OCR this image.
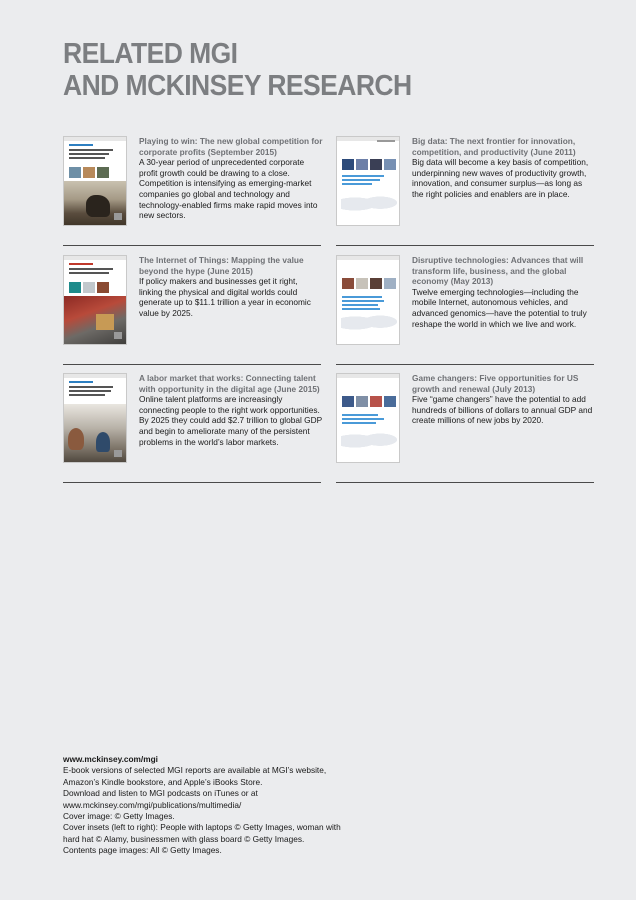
RELATED MGI
AND MCKINSEY RESEARCH

Playing to win: The new global competition for corporate profits (September 2015)

A 30-year period of unprecedented corporate profit growth could be drawing to a close. Competition is intensifying as emerging-market companies go global and technology and technology-enabled firms make rapid moves into new sectors.

Big data: The next frontier for innovation, competition, and productivity (June 2011)

Big data will become a key basis of competition, underpinning new waves of productivity growth, innovation, and consumer surplus—as long as the right policies and enablers are in place.

The Internet of Things: Mapping the value beyond the hype (June 2015)

If policy makers and businesses get it right, linking the physical and digital worlds could generate up to $11.1 trillion a year in economic value by 2025.

Disruptive technologies: Advances that will transform life, business, and the global economy (May 2013)

Twelve emerging technologies—including the mobile Internet, autonomous vehicles, and advanced genomics—have the potential to truly reshape the world in which we live and work.

A labor market that works: Connecting talent with opportunity in the digital age (June 2015)

Online talent platforms are increasingly connecting people to the right work opportunities. By 2025 they could add $2.7 trillion to global GDP and begin to ameliorate many of the persistent problems in the world’s labor markets.

Game changers: Five opportunities for US growth and renewal (July 2013)

Five “game changers” have the potential to add hundreds of billions of dollars to annual GDP and create millions of new jobs by 2020.

www.mckinsey.com/mgi
E-book versions of selected MGI reports are available at MGI’s website,
Amazon’s Kindle bookstore, and Apple’s iBooks Store.
Download and listen to MGI podcasts on iTunes or at
www.mckinsey.com/mgi/publications/multimedia/
Cover image: © Getty Images.
Cover insets (left to right): People with laptops © Getty Images, woman with
hard hat © Alamy, businessmen with glass board © Getty Images.
Contents page images: All © Getty Images.
